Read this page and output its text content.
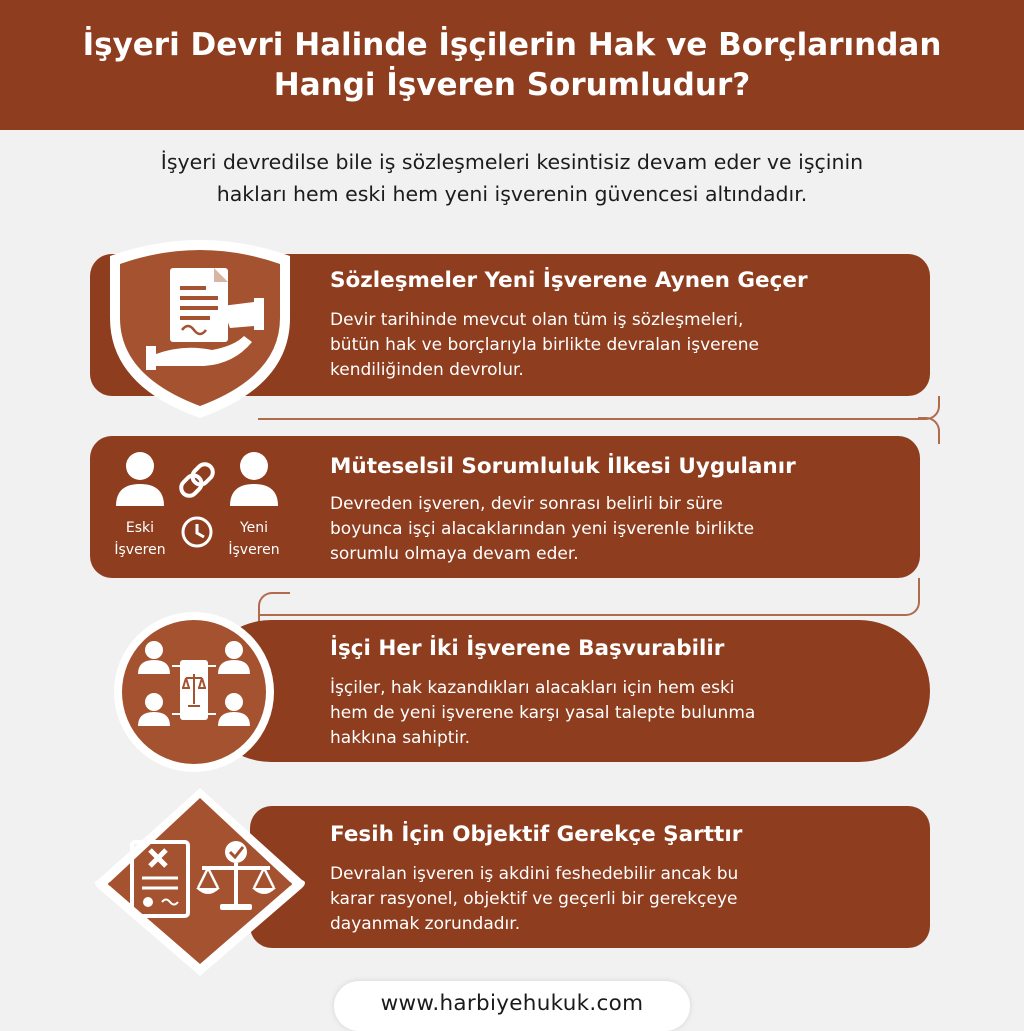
İşyeri Devri Halinde İşçilerin Hak ve Borçlarından
Hangi İşveren Sorumludur?
İşyeri devredilse bile iş sözleşmeleri kesintisiz devam eder ve işçinin
hakları hem eski hem yeni işverenin güvencesi altındadır.
Sözleşmeler Yeni İşverene Aynen Geçer
Devir tarihinde mevcut olan tüm iş sözleşmeleri,
bütün hak ve borçlarıyla birlikte devralan işverene
kendiliğinden devrolur.
Müteselsil Sorumluluk İlkesi Uygulanır
Devreden işveren, devir sonrası belirli bir süre
boyunca işçi alacaklarından yeni işverenle birlikte
sorumlu olmaya devam eder.
Eski
İşveren
Yeni
İşveren
İşçi Her İki İşverene Başvurabilir
İşçiler, hak kazandıkları alacakları için hem eski
hem de yeni işverene karşı yasal talepte bulunma
hakkına sahiptir.
Fesih İçin Objektif Gerekçe Şarttır
Devralan işveren iş akdini feshedebilir ancak bu
karar rasyonel, objektif ve geçerli bir gerekçeye
dayanmak zorundadır.
www.harbiyehukuk.com
